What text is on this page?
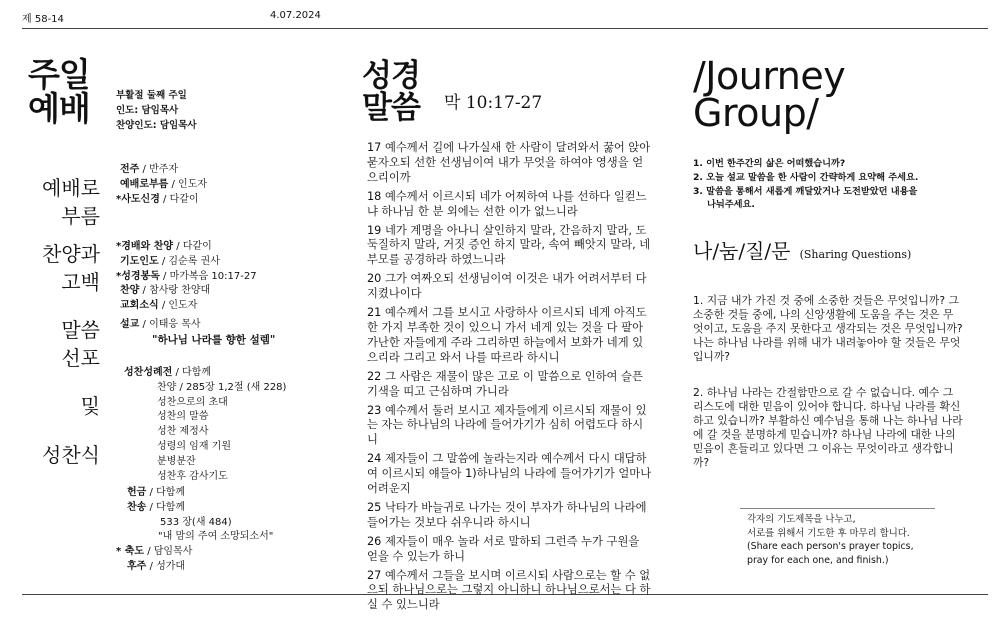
제 58-14	4.07.2024
주일
예배	부활절 둘째 주일
인도: 담임목사
찬양인도: 담임목사
예배로
부름
찬양과
고백
말씀
선포
및
성찬식
전주 / 반주자
예배로부름 / 인도자
*사도신경 / 다같이
*경배와 찬양 / 다같이
기도인도 / 김순록 권사
*성경봉독 / 마가복음 10:17-27
찬양 / 참사랑 찬양대
교회소식 / 인도자
설교 / 이태응 목사
"하나님 나라를 향한 설렘"
성찬성례전 / 다함께
찬양 / 285장 1,2절 (새 228)
성찬으로의 초대
성찬의 말씀
성찬 제정사
성령의 임재 기원
분병분잔
성찬후 감사기도
헌금 / 다함께
찬송 / 다함께
533 장(새 484)
"내 맘의 주여 소망되소서"
* 축도 / 담임목사
후주 / 성가대
성경
말씀 막 10:17-27

17 예수께서 길에 나가실새 한 사람이 달려와서 꿇어 앉아 묻자오되 선한 선생님이여 내가 무엇을 하여야 영생을 얻으리이까

18 예수께서 이르시되 네가 어찌하여 나를 선하다 일컫느냐 하나님 한 분 외에는 선한 이가 없느니라

19 네가 계명을 아나니 살인하지 말라, 간음하지 말라, 도둑질하지 말라, 거짓 증언 하지 말라, 속여 빼앗지 말라, 네 부모를 공경하라 하였느니라

20 그가 여짜오되 선생님이여 이것은 내가 어려서부터 다 지켰나이다

21 예수께서 그를 보시고 사랑하사 이르시되 네게 아직도 한 가지 부족한 것이 있으니 가서 네게 있는 것을 다 팔아 가난한 자들에게 주라 그리하면 하늘에서 보화가 네게 있으리라 그리고 와서 나를 따르라 하시니

22 그 사람은 재물이 많은 고로 이 말씀으로 인하여 슬픈 기색을 띠고 근심하며 가니라

23 예수께서 둘러 보시고 제자들에게 이르시되 재물이 있는 자는 하나님의 나라에 들어가기가 심히 어렵도다 하시니

24 제자들이 그 말씀에 놀라는지라 예수께서 다시 대답하여 이르시되 얘들아 1)하나님의 나라에 들어가기가 얼마나 어려운지

25 낙타가 바늘귀로 나가는 것이 부자가 하나님의 나라에 들어가는 것보다 쉬우니라 하시니

26 제자들이 매우 놀라 서로 말하되 그런즉 누가 구원을 얻을 수 있는가 하니

27 예수께서 그들을 보시며 이르시되 사람으로는 할 수 없으되 하나님으로는 그렇지 아니하니 하나님으로서는 다 하실 수 있느니라

/Journey
Group/
1. 이번 한주간의 삶은 어떠했습니까?
2. 오늘 설교 말씀을 한 사람이 간략하게 요약해 주세요.
3. 말씀을 통해서 새롭게 깨달았거나 도전받았던 내용을
나눠주세요.
나/눔/질/문 (Sharing Questions)
1. 지금 내가 가진 것 중에 소중한 것들은 무엇입니까? 그 소중한 것들 중에, 나의 신앙생활에 도움을 주는 것은 무엇이고, 도움을 주지 못한다고 생각되는 것은 무엇입니까? 나는 하나님 나라를 위해 내가 내려놓아야 할 것들은 무엇입니까?
2. 하나님 나라는 간절함만으로 갈 수 없습니다. 예수 그리스도에 대한 믿음이 있어야 합니다. 하나님 나라를 확신하고 있습니까? 부활하신 예수님을 통해 나는 하나님 나라에 갈 것을 분명하게 믿습니까? 하나님 나라에 대한 나의 믿음이 흔들리고 있다면 그 이유는 무엇이라고 생각합니까?
각자의 기도제목을 나누고,
서로를 위해서 기도한 후 마무리 합니다.
(Share each person's prayer topics,
pray for each one, and finish.)
